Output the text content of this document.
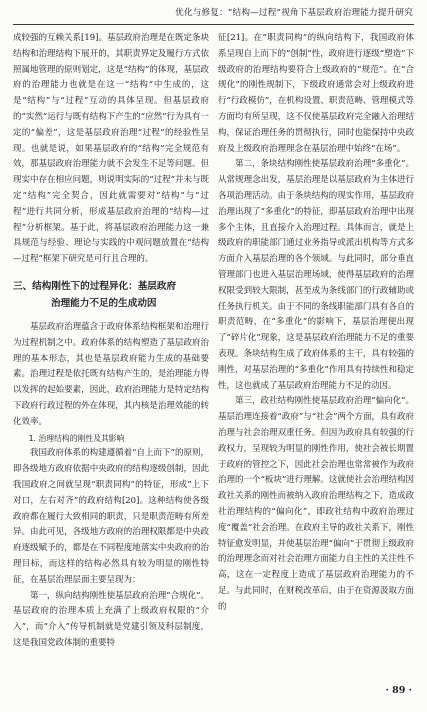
优化与修复：“结构—过程”视角下基层政府治理能力提升研究

成较强的互赖关系[19]。基层政府治理是在既定条块结构和治理结构下展开的，其职责界定及履行方式依照属地管理的原则划定，这是“结构”的体现，基层政府的治理能力也就是在这一“结构”中生成的，这是“结构”与“过程”互动的具体呈现。但基层政府的“实然”运行与既有结构下产生的“应然”行为具有一定的“偏差”，这是基层政府治理“过程”的经验性呈现。也就是说，如果基层政府的“结构”完全规范有效，那基层政府治理能力就不会发生不足等问题。但现实中存在相应问题，则说明实际的“过程”并未与既定“结构”完全契合，因此就需要对“结构”与“过程”进行共同分析，形成基层政府治理的“结构—过程”分析框架。基于此，将基层政府治理能力这一兼具规范与经验、理论与实践的中观问题放置在“结构—过程”框架下研究是可行且合理的。

三、结构刚性下的过程异化：基层政府
治理能力不足的生成动因

基层政府治理蕴含于政府体系结构框架和治理行为过程机制之中。政府体系的结构塑造了基层政府治理的基本形态，其也是基层政府能力生成的基础要素。治理过程是依托既有结构产生的，是治理能力得以发挥的起始要素，因此，政府治理能力是特定结构下政府行政过程的外在体现，其内核是治理效能的转化效率。

1. 治理结构的刚性及其影响

我国政府体系的构建遵循着“自上而下”的原则，即各级地方政府依据中央政府的结构逐级创制，因此我国政府之间就呈现“职责同构”的特征，形成“上下对口，左右对齐”的政府结构[20]。这种结构使各级政府都在履行大致相同的职责，只是职责范畴有所差异。由此可见，各级地方政府的治理权限都是中央政府逐级赋予的，都是在不同程度地落实中央政府的治理目标，而这样的结构必然具有较为明显的刚性特征，在基层治理层面主要呈现为：

第一，纵向结构刚性使基层政府治理“合规化”。基层政府的治理本质上充满了上级政府权限的“介入”，而“介入”传导机制就是党建引领及科层制度，这是我国党政体制的重要特

征[21]。在“职责同构”的纵向结构下，我国政府体系呈现自上而下的“创制”性，政府进行逐级“塑造”下级政府的治理结构要符合上级政府的“规范”。在“合规化”的刚性规制下，下级政府通常会对上级政府进行“行政模仿”，在机构设置、职责范畴、管理模式等方面均有所呈现，这不仅使基层政府完全融入治理结构，保证治理任务的贯彻执行，同时也能保持中央政府及上级政府治理理念在基层治理中始终“在场”。

第二，条块结构刚性使基层政府治理“多重化”。从常规理念出发，基层治理是以基层政府为主体进行各项治理活动。由于条块结构的现实作用，基层政府治理出现了“多重化”的特征，即基层政府治理中出现多个主体，且直接介入治理过程。具体而言，就是上级政府的职能部门通过业务指导或派出机构等方式多方面介入基层治理的各个领域。与此同时，部分垂直管理部门也进入基层治理场域，使得基层政府的治理权限受到较大限制，甚至成为条线部门的行政辅助或任务执行机关。由于不同的条线职能部门具有各自的职责范畴，在“多重化”的影响下，基层治理便出现了“碎片化”现象，这是基层政府治理能力不足的重要表现。条块结构生成了政府体系的主干，具有较强的刚性，对基层治理的“多重化”作用具有持续性和稳定性，这也就成了基层政府治理能力不足的动因。

第三，政社结构刚性使基层政府治理“偏向化”。基层治理连接着“政府”与“社会”两个方面，具有政府治理与社会治理双重任务。但因为政府具有较强的行政权力，呈现较为明显的刚性作用，使社会被长期置于政府的管控之下，因此社会治理也常常被作为政府治理的一个“板块”进行理解。这就使社会治理结构因政社关系的刚性而被纳入政府治理结构之下，造成政社治理结构的“偏向化”，即政社结构中政府治理过度“覆盖”社会治理。在政府主导的政社关系下，刚性特征愈发明显，并使基层治理“偏向”于贯彻上级政府的治理理念而对社会治理方面能力自主性的关注性不高，这在一定程度上造成了基层政府治理能力的不足。与此同时，在财税改革后，由于在资源汲取方面的

· 89 ·
